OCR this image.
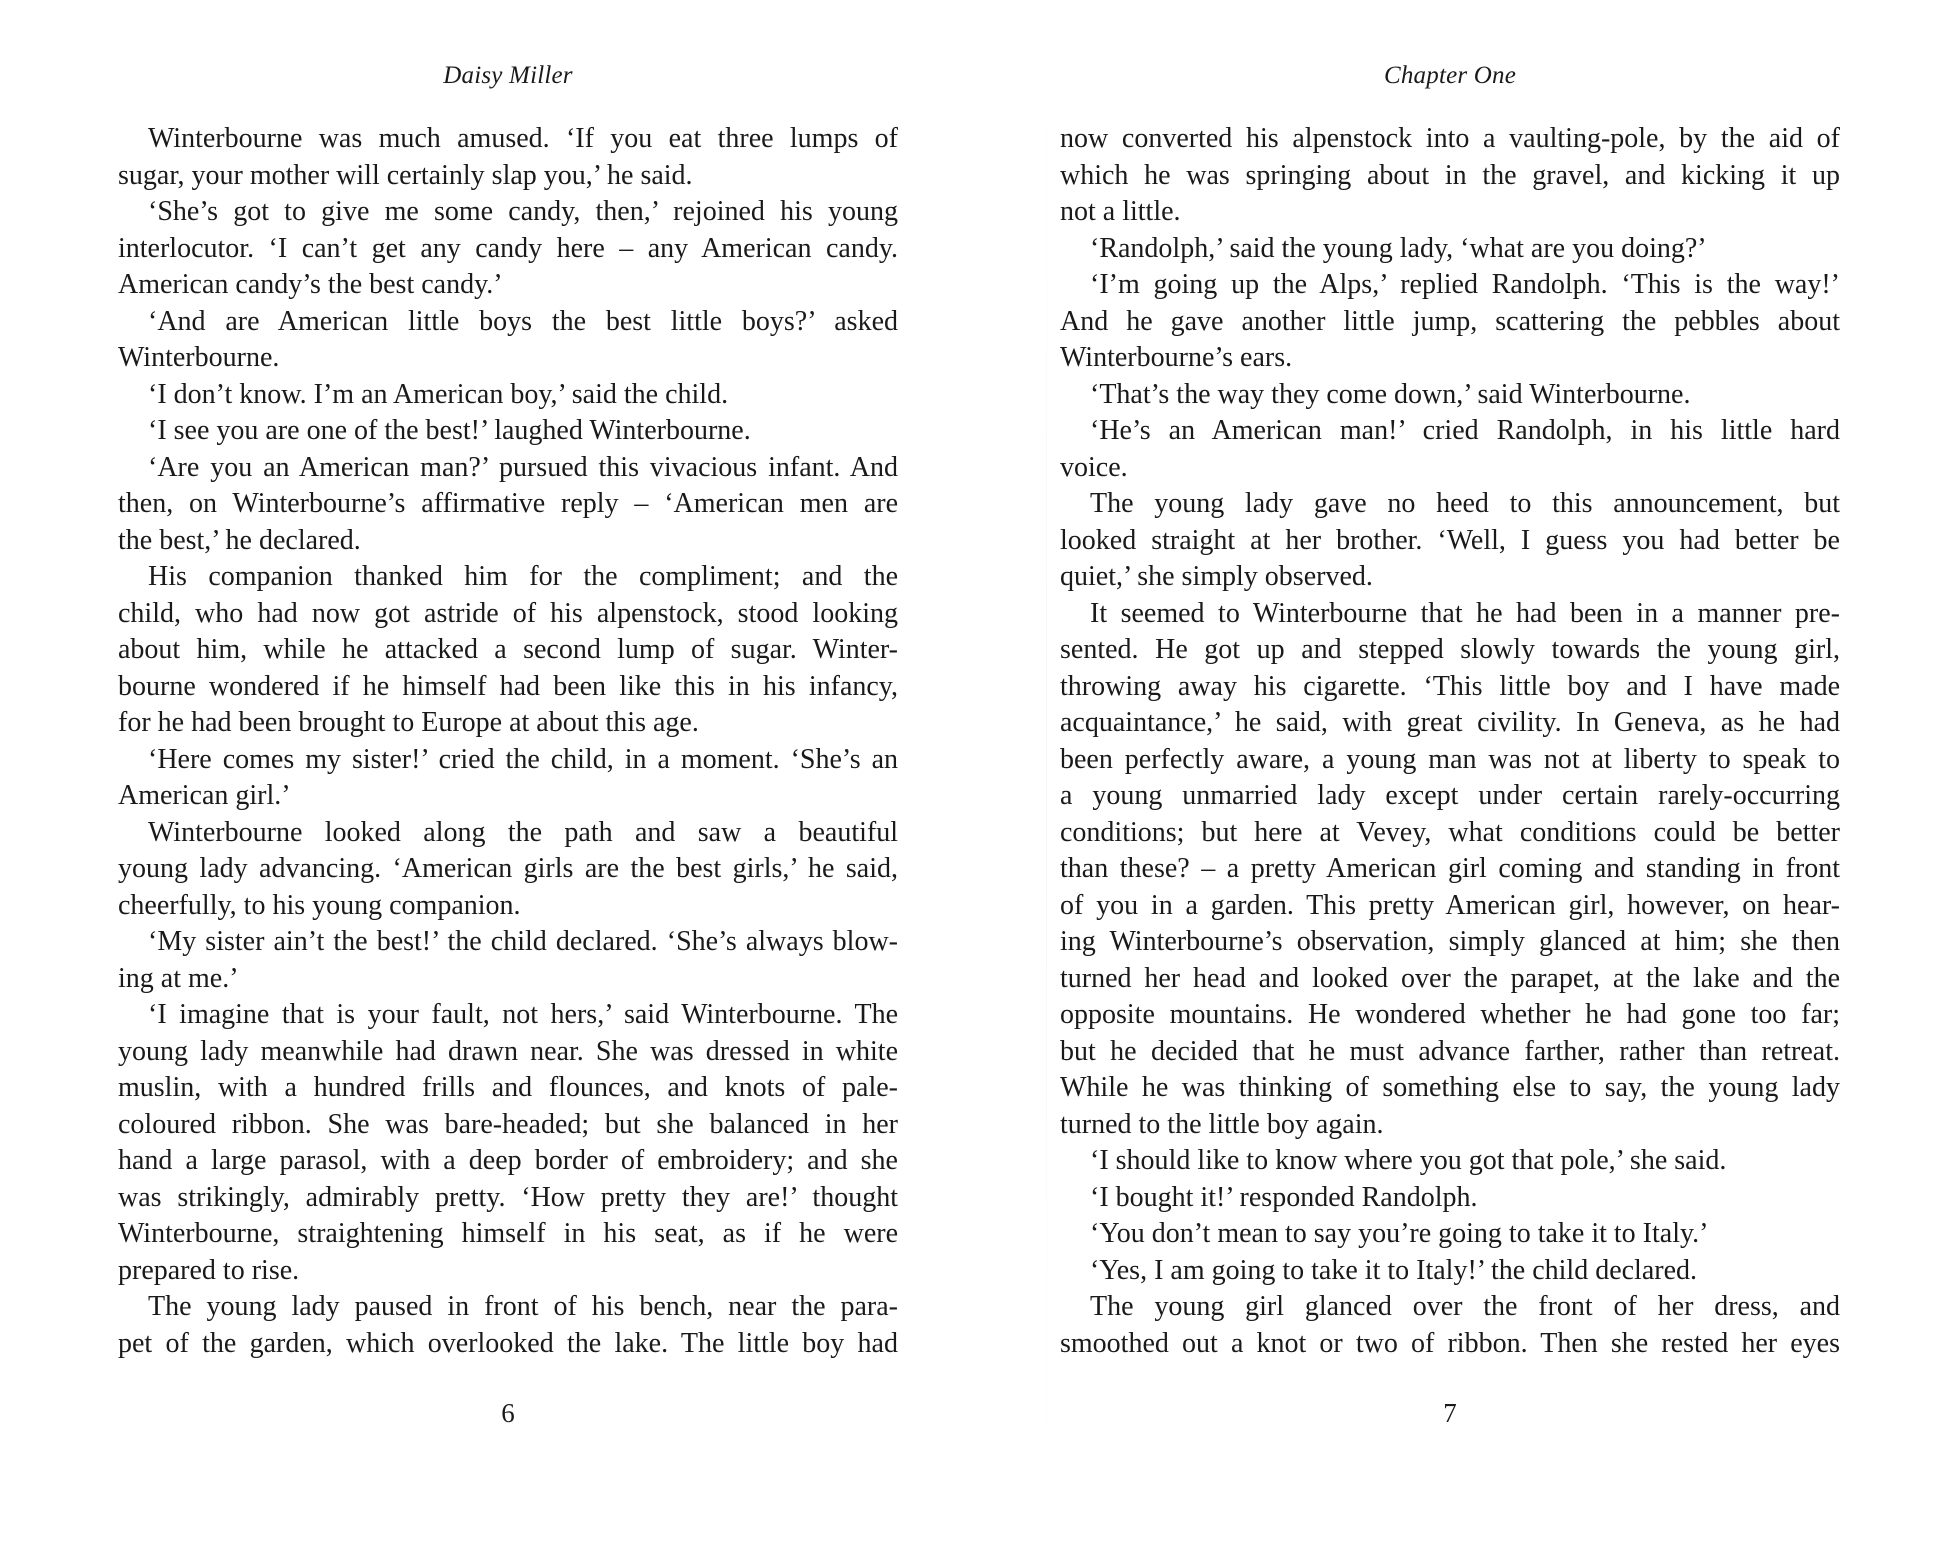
Daisy Miller
Winterbourne was much amused. ‘If you eat three lumps of
sugar, your mother will certainly slap you,’ he said.
‘She’s got to give me some candy, then,’ rejoined his young
interlocutor. ‘I can’t get any candy here – any American candy.
American candy’s the best candy.’
‘And are American little boys the best little boys?’ asked
Winterbourne.
‘I don’t know. I’m an American boy,’ said the child.
‘I see you are one of the best!’ laughed Winterbourne.
‘Are you an American man?’ pursued this vivacious infant. And
then, on Winterbourne’s affirmative reply – ‘American men are
the best,’ he declared.
His companion thanked him for the compliment; and the
child, who had now got astride of his alpenstock, stood looking
about him, while he attacked a second lump of sugar. Winter-
bourne wondered if he himself had been like this in his infancy,
for he had been brought to Europe at about this age.
‘Here comes my sister!’ cried the child, in a moment. ‘She’s an
American girl.’
Winterbourne looked along the path and saw a beautiful
young lady advancing. ‘American girls are the best girls,’ he said,
cheerfully, to his young companion.
‘My sister ain’t the best!’ the child declared. ‘She’s always blow-
ing at me.’
‘I imagine that is your fault, not hers,’ said Winterbourne. The
young lady meanwhile had drawn near. She was dressed in white
muslin, with a hundred frills and flounces, and knots of pale-
coloured ribbon. She was bare-headed; but she balanced in her
hand a large parasol, with a deep border of embroidery; and she
was strikingly, admirably pretty. ‘How pretty they are!’ thought
Winterbourne, straightening himself in his seat, as if he were
prepared to rise.
The young lady paused in front of his bench, near the para-
pet of the garden, which overlooked the lake. The little boy had
6
Chapter One
now converted his alpenstock into a vaulting-pole, by the aid of
which he was springing about in the gravel, and kicking it up
not a little.
‘Randolph,’ said the young lady, ‘what are you doing?’
‘I’m going up the Alps,’ replied Randolph. ‘This is the way!’
And he gave another little jump, scattering the pebbles about
Winterbourne’s ears.
‘That’s the way they come down,’ said Winterbourne.
‘He’s an American man!’ cried Randolph, in his little hard
voice.
The young lady gave no heed to this announcement, but
looked straight at her brother. ‘Well, I guess you had better be
quiet,’ she simply observed.
It seemed to Winterbourne that he had been in a manner pre-
sented. He got up and stepped slowly towards the young girl,
throwing away his cigarette. ‘This little boy and I have made
acquaintance,’ he said, with great civility. In Geneva, as he had
been perfectly aware, a young man was not at liberty to speak to
a young unmarried lady except under certain rarely-occurring
conditions; but here at Vevey, what conditions could be better
than these? – a pretty American girl coming and standing in front
of you in a garden. This pretty American girl, however, on hear-
ing Winterbourne’s observation, simply glanced at him; she then
turned her head and looked over the parapet, at the lake and the
opposite mountains. He wondered whether he had gone too far;
but he decided that he must advance farther, rather than retreat.
While he was thinking of something else to say, the young lady
turned to the little boy again.
‘I should like to know where you got that pole,’ she said.
‘I bought it!’ responded Randolph.
‘You don’t mean to say you’re going to take it to Italy.’
‘Yes, I am going to take it to Italy!’ the child declared.
The young girl glanced over the front of her dress, and
smoothed out a knot or two of ribbon. Then she rested her eyes
7
